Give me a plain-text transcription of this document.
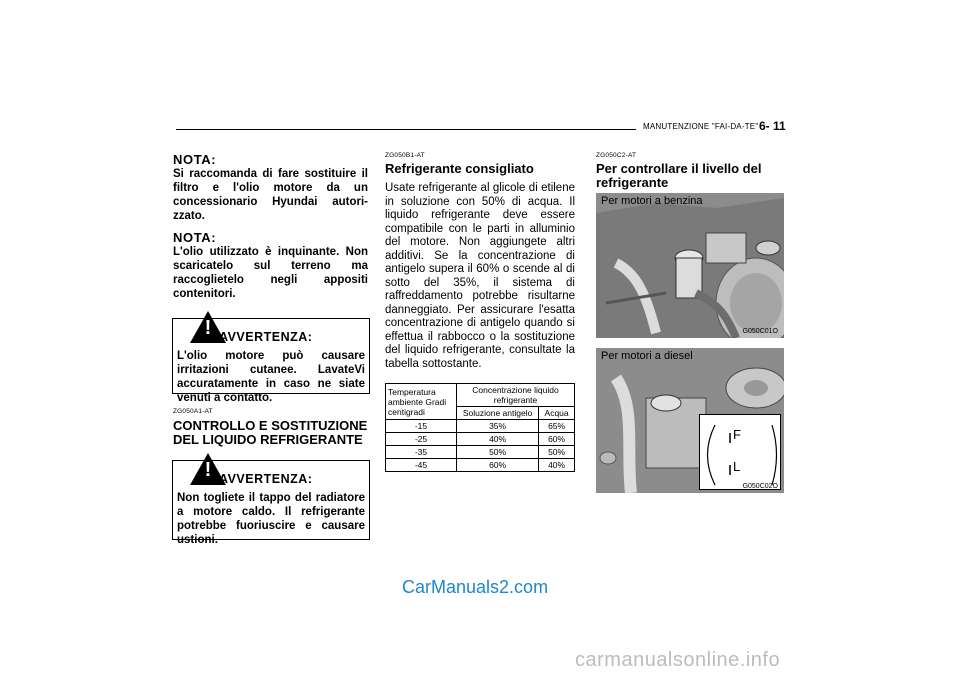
MANUTENZIONE "FAI-DA-TE" 6- 11
NOTA:
Si raccomanda di fare sostituire il filtro e l'olio motore da un concessionario Hyundai autori-zzato.
NOTA:
L'olio utilizzato è inquinante. Non scaricatelo sul terreno ma raccoglietelo negli appositi contenitori.
! AVVERTENZA:
L'olio motore può causare irritazioni cutanee. LavateVi accuratamente in caso ne siate venuti a contatto.
ZG050A1-AT
CONTROLLO E SOSTITUZIONE DEL LIQUIDO REFRIGERANTE
! AVVERTENZA:
Non togliete il tappo del radiatore a motore caldo. Il refrigerante potrebbe fuoriuscire e causare ustioni.
ZG050B1-AT
Refrigerante consigliato
Usate refrigerante al glicole di etilene in soluzione con 50% di acqua. Il liquido refrigerante deve essere compatibile con le parti in alluminio del motore. Non aggiungete altri additivi. Se la concentrazione di antigelo supera il 60% o scende al di sotto del 35%, il sistema di raffreddamento potrebbe risultarne danneggiato. Per assicurare l'esatta concentrazione di antigelo quando si effettua il rabbocco o la sostituzione del liquido refrigerante, consultate la tabella sottostante.
Temperatura ambiente Gradi centigradi	Concentrazione liquido refrigerante	
	Soluzione antigelo	Acqua
-15	35%	65%
-25	40%	60%
-35	50%	50%
-45	60%	40%
ZG050C2-AT
Per controllare il livello del refrigerante
Per motori a benzina
G050C01O
F
L
Per motori a diesel
G050C02O
CarManuals2.com
carmanualsonline.info
